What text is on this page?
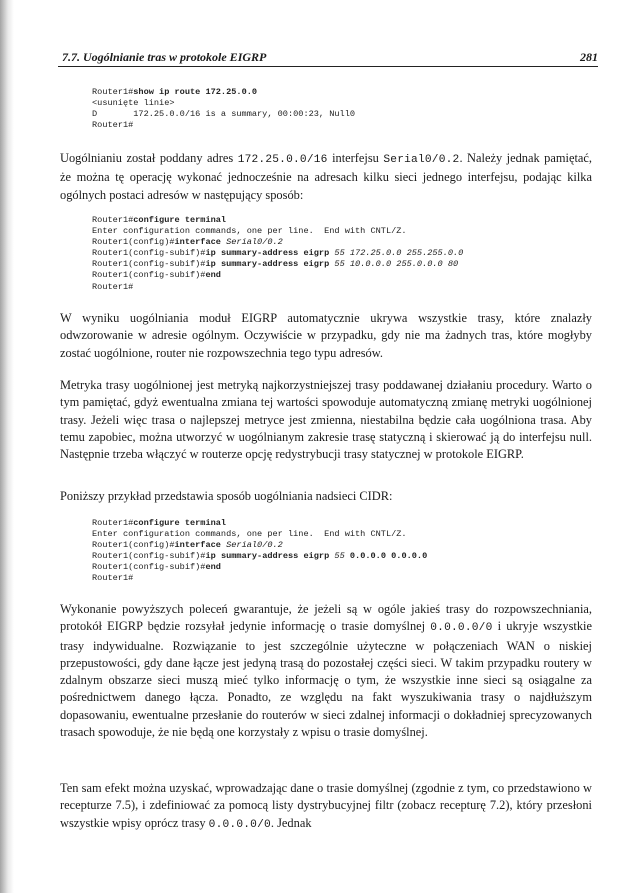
7.7. Uogólnianie tras w protokole EIGRP	281
Router1#show ip route 172.25.0.0
<usunięte linie>
D       172.25.0.0/16 is a summary, 00:00:23, Null0
Router1#

Uogólnianiu został poddany adres 172.25.0.0/16 interfejsu Serial0/0.2. Należy jednak pamiętać, że można tę operację wykonać jednocześnie na adresach kilku sieci jednego interfejsu, podając kilka ogólnych postaci adresów w następujący sposób:

Router1#configure terminal
Enter configuration commands, one per line.  End with CNTL/Z.
Router1(config)#interface Serial0/0.2
Router1(config-subif)#ip summary-address eigrp 55 172.25.0.0 255.255.0.0
Router1(config-subif)#ip summary-address eigrp 55 10.0.0.0 255.0.0.0 80
Router1(config-subif)#end
Router1#

W wyniku uogólniania moduł EIGRP automatycznie ukrywa wszystkie trasy, które znalazły odwzorowanie w adresie ogólnym. Oczywiście w przypadku, gdy nie ma żadnych tras, które mogłyby zostać uogólnione, router nie rozpowszechnia tego typu adresów.

Metryka trasy uogólnionej jest metryką najkorzystniejszej trasy poddawanej działaniu procedury. Warto o tym pamiętać, gdyż ewentualna zmiana tej wartości spowoduje automatyczną zmianę metryki uogólnionej trasy. Jeżeli więc trasa o najlepszej metryce jest zmienna, niestabilna będzie cała uogólniona trasa. Aby temu zapobiec, można utworzyć w uogólnianym zakresie trasę statyczną i skierować ją do interfejsu null. Następnie trzeba włączyć w routerze opcję redystrybucji trasy statycznej w protokole EIGRP.

Poniższy przykład przedstawia sposób uogólniania nadsieci CIDR:

Router1#configure terminal
Enter configuration commands, one per line.  End with CNTL/Z.
Router1(config)#interface Serial0/0.2
Router1(config-subif)#ip summary-address eigrp 55 0.0.0.0 0.0.0.0
Router1(config-subif)#end
Router1#

Wykonanie powyższych poleceń gwarantuje, że jeżeli są w ogóle jakieś trasy do rozpowszechniania, protokół EIGRP będzie rozsyłał jedynie informację o trasie domyślnej 0.0.0.0/0 i ukryje wszystkie trasy indywidualne. Rozwiązanie to jest szczególnie użyteczne w połączeniach WAN o niskiej przepustowości, gdy dane łącze jest jedyną trasą do pozostałej części sieci. W takim przypadku routery w zdalnym obszarze sieci muszą mieć tylko informację o tym, że wszystkie inne sieci są osiągalne za pośrednictwem danego łącza. Ponadto, ze względu na fakt wyszukiwania trasy o najdłuższym dopasowaniu, ewentualne przesłanie do routerów w sieci zdalnej informacji o dokładniej sprecyzowanych trasach spowoduje, że nie będą one korzystały z wpisu o trasie domyślnej.

Ten sam efekt można uzyskać, wprowadzając dane o trasie domyślnej (zgodnie z tym, co przedstawiono w recepturze 7.5), i zdefiniować za pomocą listy dystrybucyjnej filtr (zobacz recepturę 7.2), który przesłoni wszystkie wpisy oprócz trasy 0.0.0.0/0. Jednak
